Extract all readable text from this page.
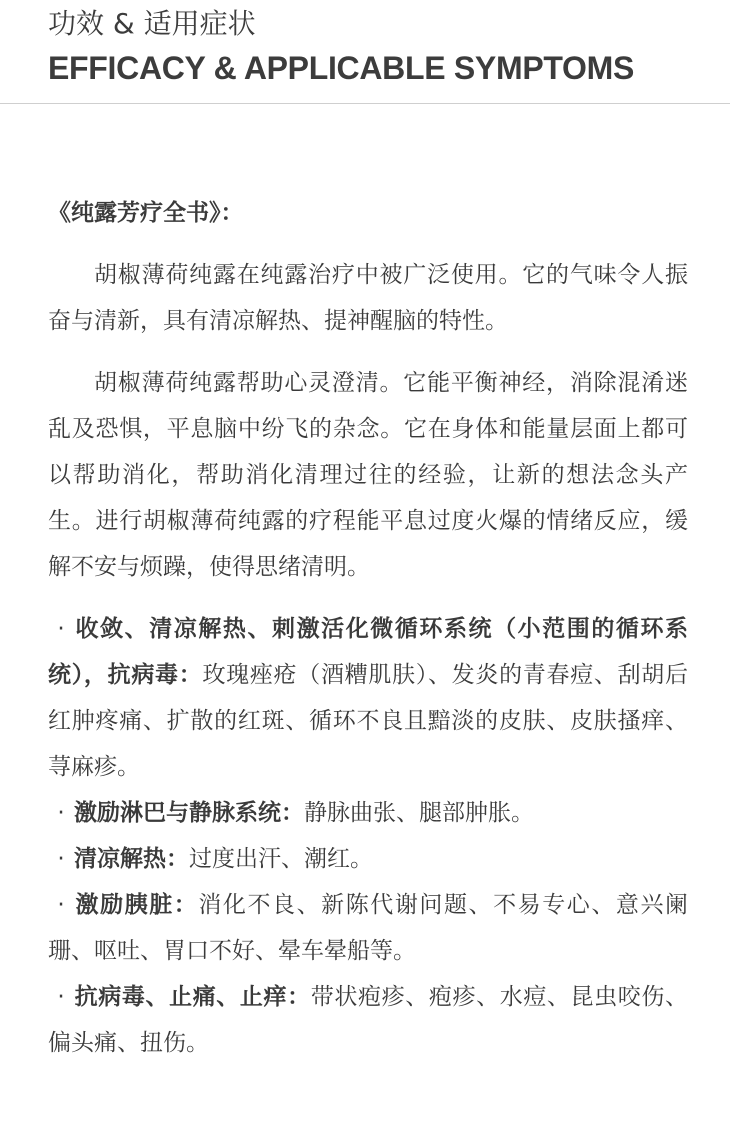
功效 & 适用症状
EFFICACY & APPLICABLE SYMPTOMS

《纯露芳疗全书》：

胡椒薄荷纯露在纯露治疗中被广泛使用。它的气味令人振奋与清新，具有清凉解热、提神醒脑的特性。

胡椒薄荷纯露帮助心灵澄清。它能平衡神经，消除混淆迷乱及恐惧，平息脑中纷飞的杂念。它在身体和能量层面上都可以帮助消化，帮助消化清理过往的经验，让新的想法念头产生。进行胡椒薄荷纯露的疗程能平息过度火爆的情绪反应，缓解不安与烦躁，使得思绪清明。

· 收敛、清凉解热、刺激活化微循环系统（小范围的循环系统），抗病毒：玫瑰痤疮（酒糟肌肤）、发炎的青春痘、刮胡后红肿疼痛、扩散的红斑、循环不良且黯淡的皮肤、皮肤搔痒、荨麻疹。

· 激励淋巴与静脉系统：静脉曲张、腿部肿胀。

· 清凉解热：过度出汗、潮红。

· 激励胰脏：消化不良、新陈代谢问题、不易专心、意兴阑珊、呕吐、胃口不好、晕车晕船等。

· 抗病毒、止痛、止痒：带状疱疹、疱疹、水痘、昆虫咬伤、偏头痛、扭伤。
